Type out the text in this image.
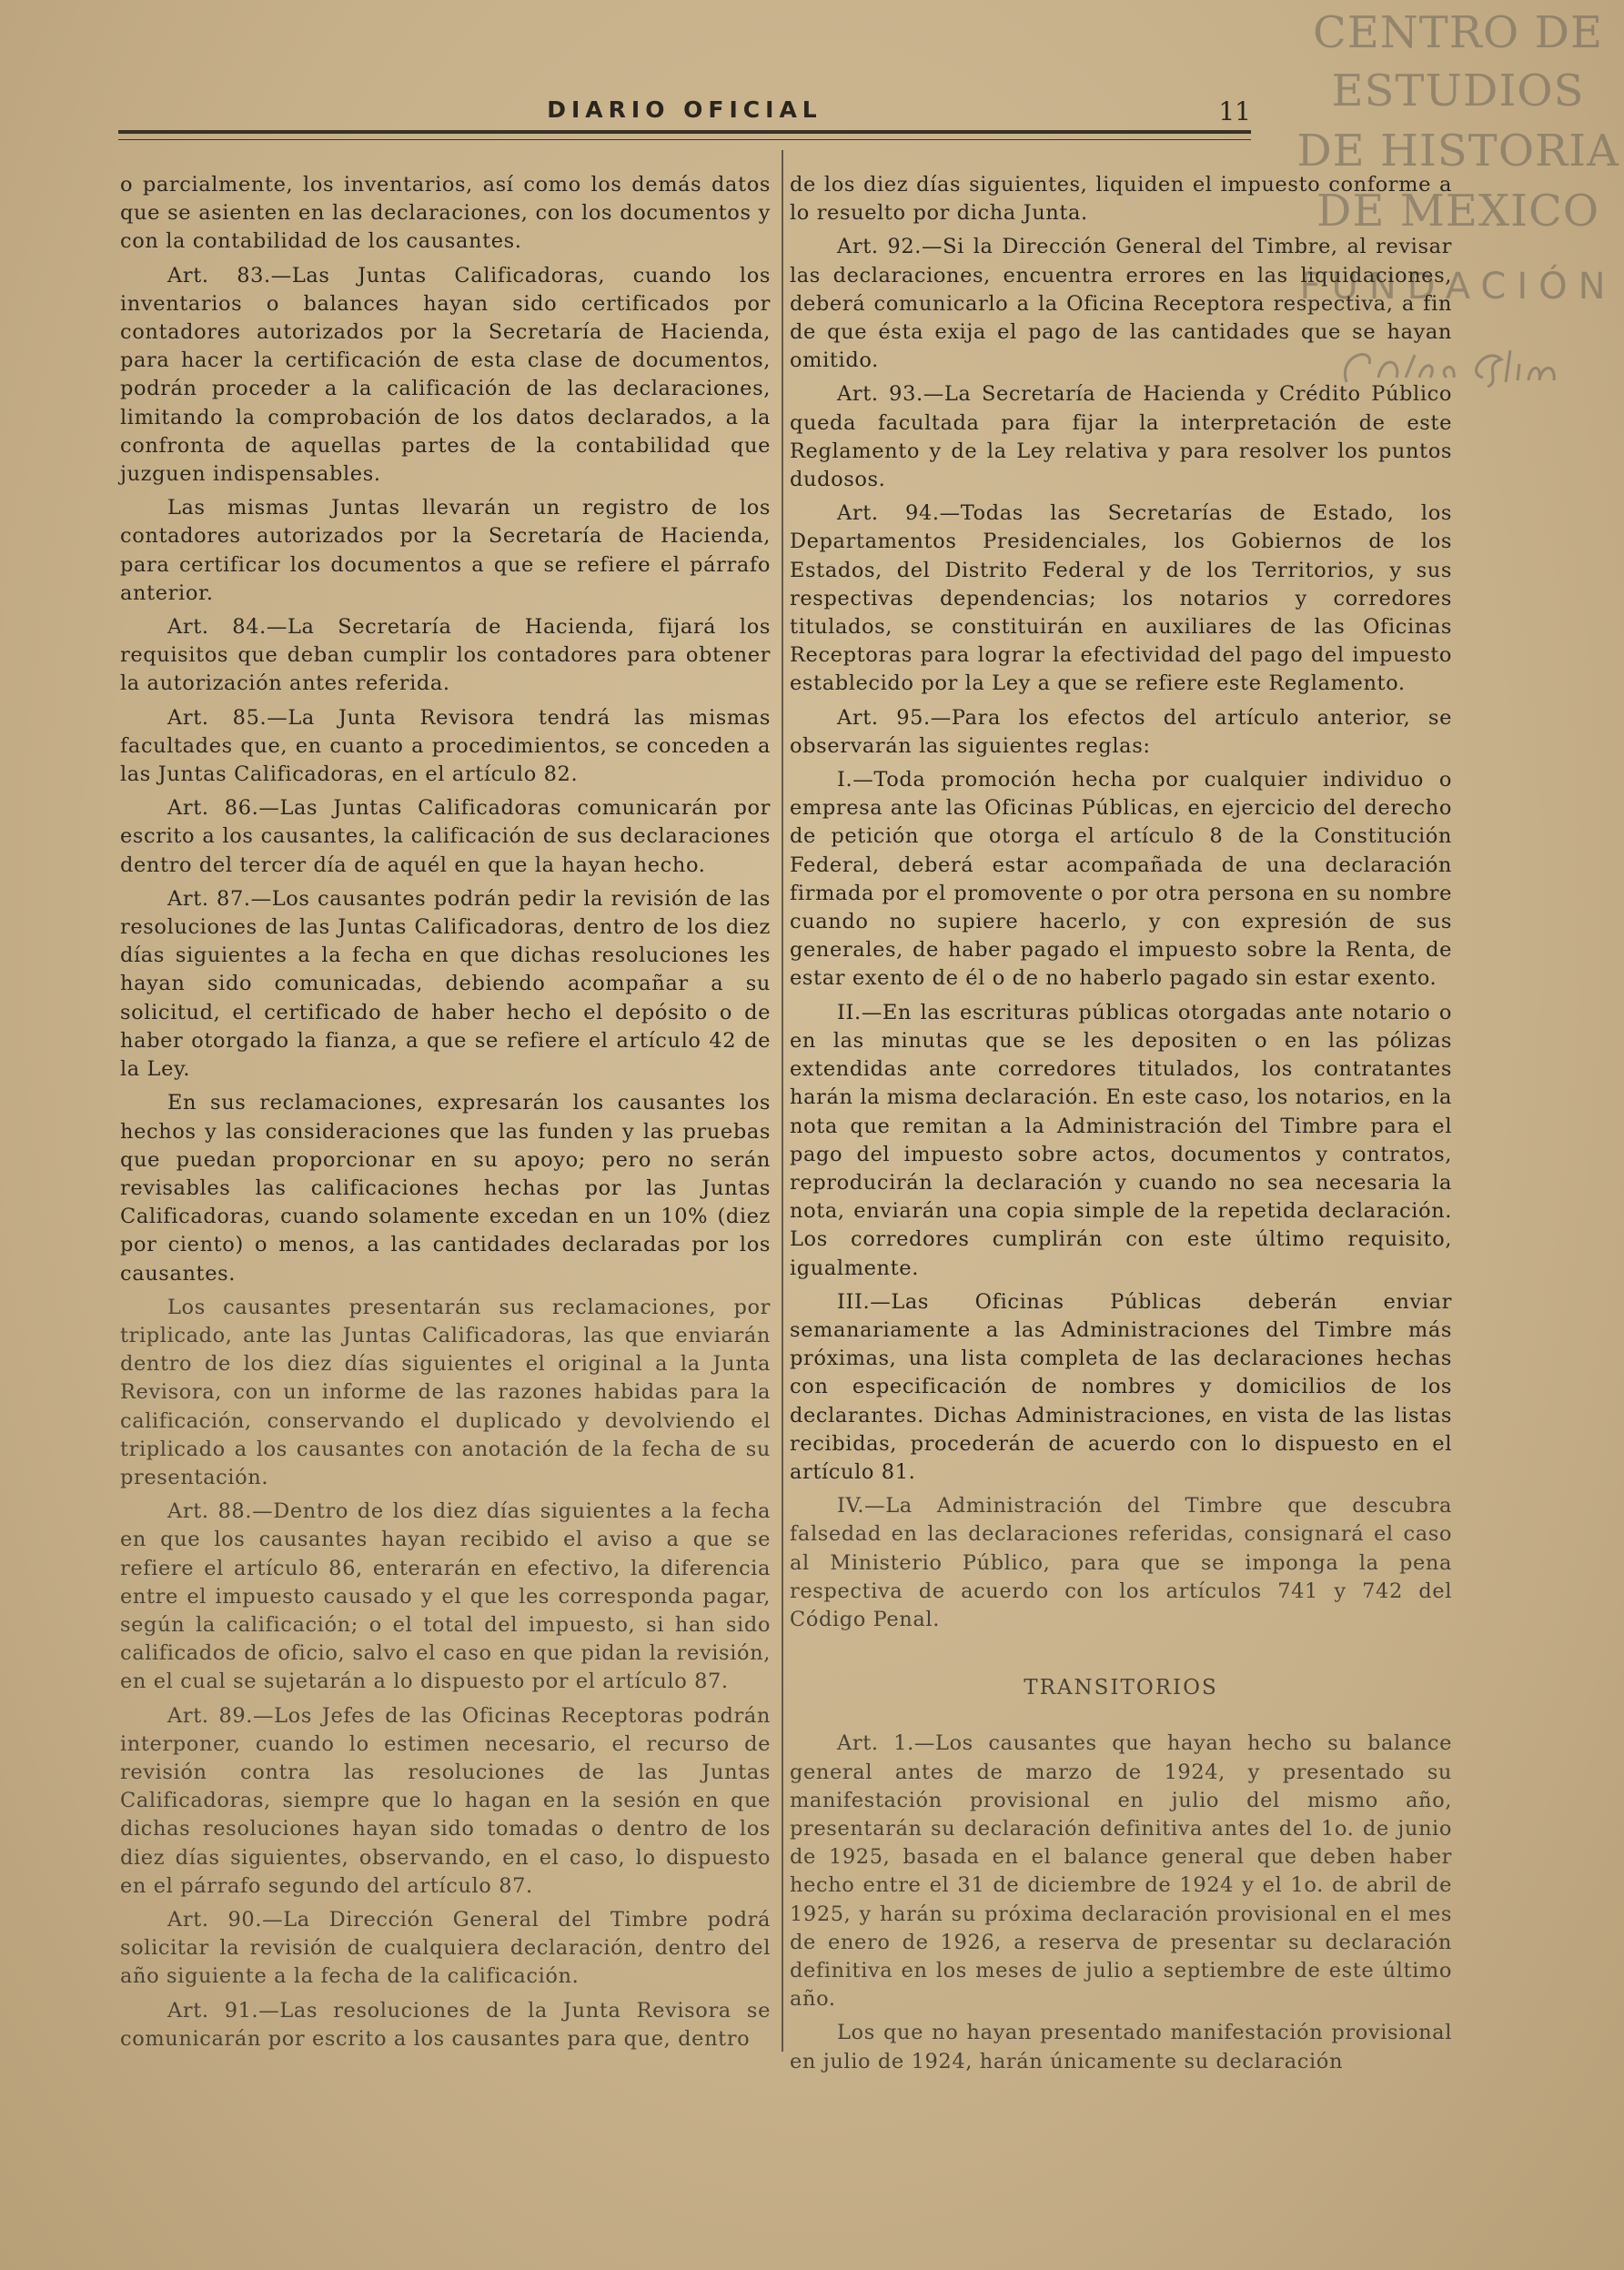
CENTRO DE
ESTUDIOS
DE HISTORIA
DE MEXICO
FUNDACIÓN
DIARIO OFICIAL	11

o parcialmente, los inventarios, así como los demás datos que se asienten en las declaraciones, con los documentos y con la contabilidad de los causantes.

Art. 83.—Las Juntas Calificadoras, cuando los inventarios o balances hayan sido certificados por contadores autorizados por la Secretaría de Hacienda, para hacer la certificación de esta clase de documentos, podrán proceder a la calificación de las declaraciones, limitando la comprobación de los datos declarados, a la confronta de aquellas partes de la contabilidad que juzguen indispensables.

Las mismas Juntas llevarán un registro de los contadores autorizados por la Secretaría de Hacienda, para certificar los documentos a que se refiere el párrafo anterior.

Art. 84.—La Secretaría de Hacienda, fijará los requisitos que deban cumplir los contadores para obtener la autorización antes referida.

Art. 85.—La Junta Revisora tendrá las mismas facultades que, en cuanto a procedimientos, se conceden a las Juntas Calificadoras, en el artículo 82.

Art. 86.—Las Juntas Calificadoras comunicarán por escrito a los causantes, la calificación de sus declaraciones dentro del tercer día de aquél en que la hayan hecho.

Art. 87.—Los causantes podrán pedir la revisión de las resoluciones de las Juntas Calificadoras, dentro de los diez días siguientes a la fecha en que dichas resoluciones les hayan sido comunicadas, debiendo acompañar a su solicitud, el certificado de haber hecho el depósito o de haber otorgado la fianza, a que se refiere el artículo 42 de la Ley.

En sus reclamaciones, expresarán los causantes los hechos y las consideraciones que las funden y las pruebas que puedan proporcionar en su apoyo; pero no serán revisables las calificaciones hechas por las Juntas Calificadoras, cuando solamente excedan en un 10% (diez por ciento) o menos, a las cantidades declaradas por los causantes.

Los causantes presentarán sus reclamaciones, por triplicado, ante las Juntas Calificadoras, las que enviarán dentro de los diez días siguientes el original a la Junta Revisora, con un informe de las razones habidas para la calificación, conservando el duplicado y devolviendo el triplicado a los causantes con anotación de la fecha de su presentación.

Art. 88.—Dentro de los diez días siguientes a la fecha en que los causantes hayan recibido el aviso a que se refiere el artículo 86, enterarán en efectivo, la diferencia entre el impuesto causado y el que les corresponda pagar, según la calificación; o el total del impuesto, si han sido calificados de oficio, salvo el caso en que pidan la revisión, en el cual se sujetarán a lo dispuesto por el artículo 87.

Art. 89.—Los Jefes de las Oficinas Receptoras podrán interponer, cuando lo estimen necesario, el recurso de revisión contra las resoluciones de las Juntas Calificadoras, siempre que lo hagan en la sesión en que dichas resoluciones hayan sido tomadas o dentro de los diez días siguientes, observando, en el caso, lo dispuesto en el párrafo segundo del artículo 87.

Art. 90.—La Dirección General del Timbre podrá solicitar la revisión de cualquiera declaración, dentro del año siguiente a la fecha de la calificación.

Art. 91.—Las resoluciones de la Junta Revisora se comunicarán por escrito a los causantes para que, dentro

de los diez días siguientes, liquiden el impuesto conforme a lo resuelto por dicha Junta.

Art. 92.—Si la Dirección General del Timbre, al revisar las declaraciones, encuentra errores en las liquidaciones, deberá comunicarlo a la Oficina Receptora respectiva, a fin de que ésta exija el pago de las cantidades que se hayan omitido.

Art. 93.—La Secretaría de Hacienda y Crédito Público queda facultada para fijar la interpretación de este Reglamento y de la Ley relativa y para resolver los puntos dudosos.

Art. 94.—Todas las Secretarías de Estado, los Departamentos Presidenciales, los Gobiernos de los Estados, del Distrito Federal y de los Territorios, y sus respectivas dependencias; los notarios y corredores titulados, se constituirán en auxiliares de las Oficinas Receptoras para lograr la efectividad del pago del impuesto establecido por la Ley a que se refiere este Reglamento.

Art. 95.—Para los efectos del artículo anterior, se observarán las siguientes reglas:

I.—Toda promoción hecha por cualquier individuo o empresa ante las Oficinas Públicas, en ejercicio del derecho de petición que otorga el artículo 8 de la Constitución Federal, deberá estar acompañada de una declaración firmada por el promovente o por otra persona en su nombre cuando no supiere hacerlo, y con expresión de sus generales, de haber pagado el impuesto sobre la Renta, de estar exento de él o de no haberlo pagado sin estar exento.

II.—En las escrituras públicas otorgadas ante notario o en las minutas que se les depositen o en las pólizas extendidas ante corredores titulados, los contratantes harán la misma declaración. En este caso, los notarios, en la nota que remitan a la Administración del Timbre para el pago del impuesto sobre actos, documentos y contratos, reproducirán la declaración y cuando no sea necesaria la nota, enviarán una copia simple de la repetida declaración. Los corredores cumplirán con este último requisito, igualmente.

III.—Las Oficinas Públicas deberán enviar semanariamente a las Administraciones del Timbre más próximas, una lista completa de las declaraciones hechas con especificación de nombres y domicilios de los declarantes. Dichas Administraciones, en vista de las listas recibidas, procederán de acuerdo con lo dispuesto en el artículo 81.

IV.—La Administración del Timbre que descubra falsedad en las declaraciones referidas, consignará el caso al Ministerio Público, para que se imponga la pena respectiva de acuerdo con los artículos 741 y 742 del Código Penal.

TRANSITORIOS

Art. 1.—Los causantes que hayan hecho su balance general antes de marzo de 1924, y presentado su manifestación provisional en julio del mismo año, presentarán su declaración definitiva antes del 1o. de junio de 1925, basada en el balance general que deben haber hecho entre el 31 de diciembre de 1924 y el 1o. de abril de 1925, y harán su próxima declaración provisional en el mes de enero de 1926, a reserva de presentar su declaración definitiva en los meses de julio a septiembre de este último año.

Los que no hayan presentado manifestación provisional en julio de 1924, harán únicamente su declaración
